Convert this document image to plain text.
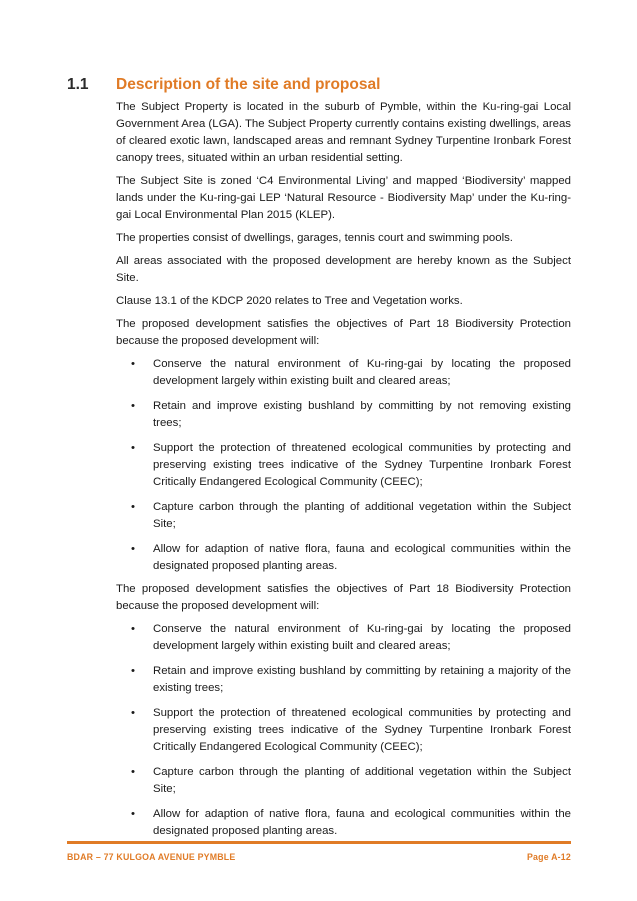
1.1	Description of the site and proposal

The Subject Property is located in the suburb of Pymble, within the Ku-ring-gai Local Government Area (LGA). The Subject Property currently contains existing dwellings, areas of cleared exotic lawn, landscaped areas and remnant Sydney Turpentine Ironbark Forest canopy trees, situated within an urban residential setting.

The Subject Site is zoned ‘C4 Environmental Living’ and mapped ‘Biodiversity’ mapped lands under the Ku-ring-gai LEP ‘Natural Resource - Biodiversity Map’ under the Ku-ring-gai Local Environmental Plan 2015 (KLEP).

The properties consist of dwellings, garages, tennis court and swimming pools.

All areas associated with the proposed development are hereby known as the Subject Site.

Clause 13.1 of the KDCP 2020 relates to Tree and Vegetation works.

The proposed development satisfies the objectives of Part 18 Biodiversity Protection because the proposed development will:

• Conserve the natural environment of Ku-ring-gai by locating the proposed development largely within existing built and cleared areas;
• Retain and improve existing bushland by committing by not removing existing trees;
• Support the protection of threatened ecological communities by protecting and preserving existing trees indicative of the Sydney Turpentine Ironbark Forest Critically Endangered Ecological Community (CEEC);
• Capture carbon through the planting of additional vegetation within the Subject Site;
• Allow for adaption of native flora, fauna and ecological communities within the designated proposed planting areas.

The proposed development satisfies the objectives of Part 18 Biodiversity Protection because the proposed development will:

• Conserve the natural environment of Ku-ring-gai by locating the proposed development largely within existing built and cleared areas;
• Retain and improve existing bushland by committing by retaining a majority of the existing trees;
• Support the protection of threatened ecological communities by protecting and preserving existing trees indicative of the Sydney Turpentine Ironbark Forest Critically Endangered Ecological Community (CEEC);
• Capture carbon through the planting of additional vegetation within the Subject Site;
• Allow for adaption of native flora, fauna and ecological communities within the designated proposed planting areas.
BDAR – 77 KULGOA AVENUE PYMBLE	Page A-12
